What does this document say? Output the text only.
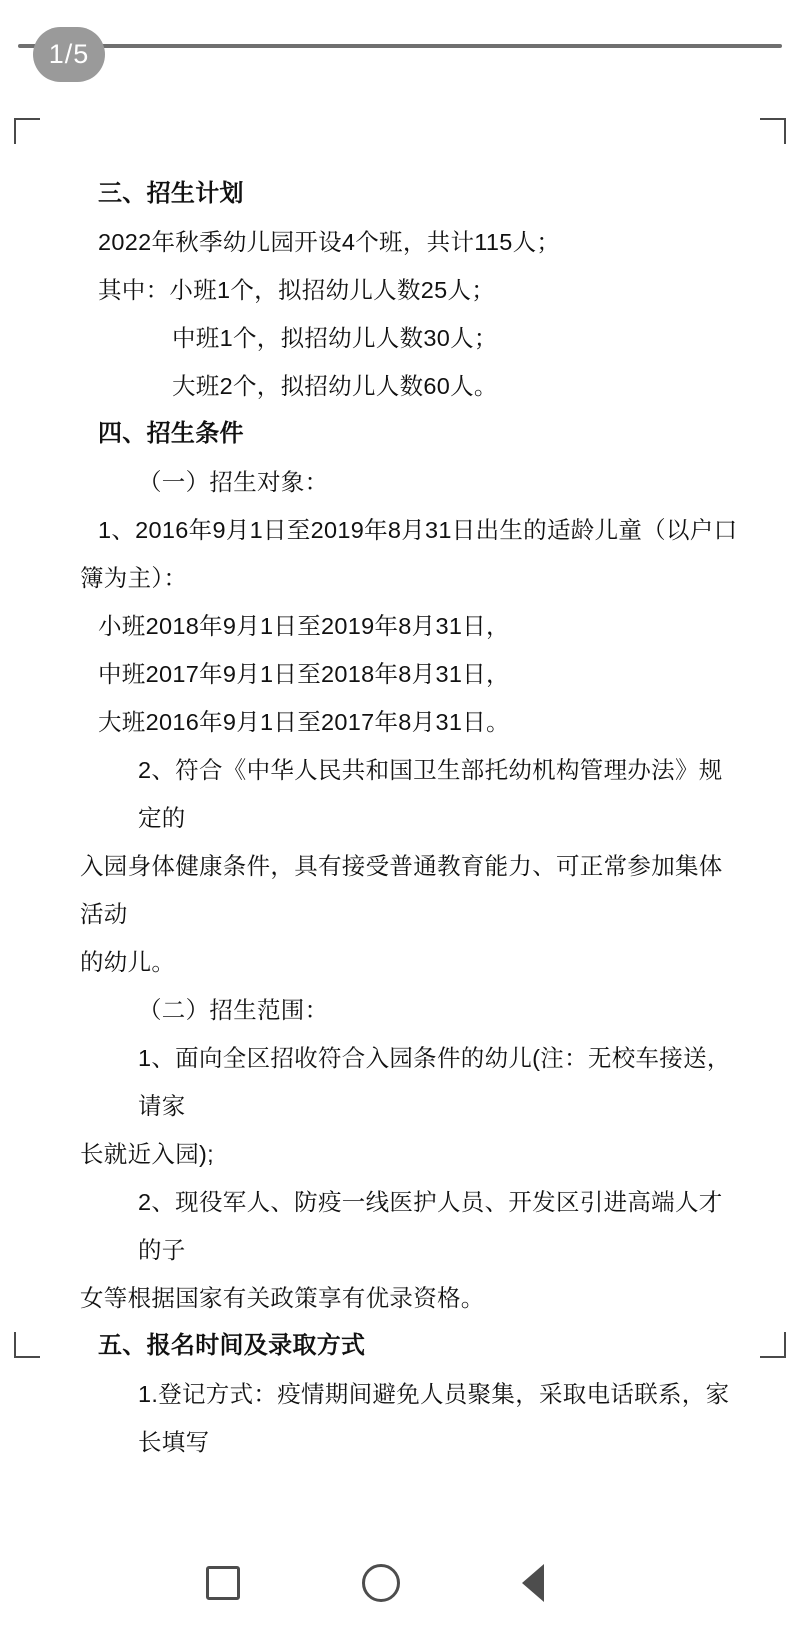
1/5
三、招生计划
2022年秋季幼儿园开设4个班，共计115人；
其中：小班1个，拟招幼儿人数25人；
中班1个，拟招幼儿人数30人；
大班2个，拟招幼儿人数60人。
四、招生条件
（一）招生对象：
1、2016年9月1日至2019年8月31日出生的适龄儿童（以户口
簿为主）：
小班2018年9月1日至2019年8月31日，
中班2017年9月1日至2018年8月31日，
大班2016年9月1日至2017年8月31日。
2、符合《中华人民共和国卫生部托幼机构管理办法》规定的
入园身体健康条件，具有接受普通教育能力、可正常参加集体活动
的幼儿。
（二）招生范围：
1、面向全区招收符合入园条件的幼儿(注：无校车接送，请家
长就近入园);
2、现役军人、防疫一线医护人员、开发区引进高端人才的子
女等根据国家有关政策享有优录资格。
五、报名时间及录取方式
1.登记方式：疫情期间避免人员聚集，采取电话联系，家长填写
